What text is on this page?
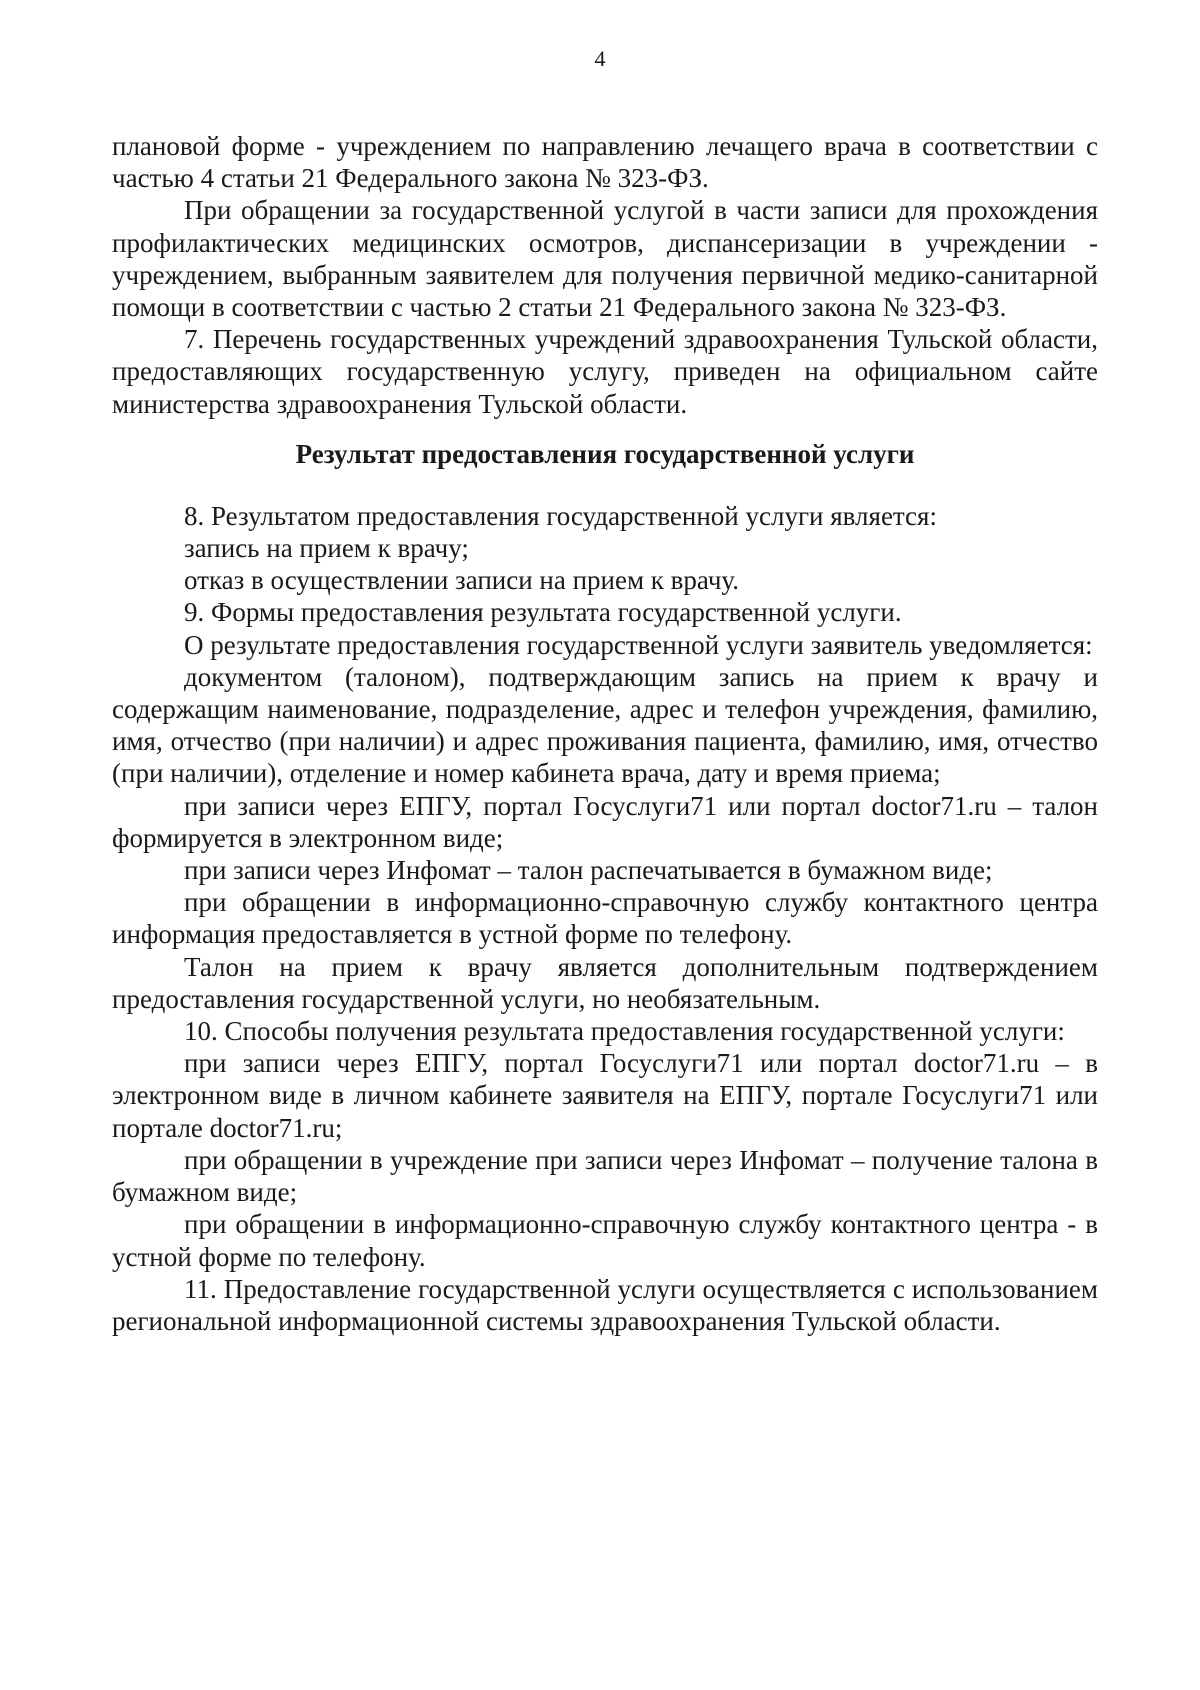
4

плановой форме - учреждением по направлению лечащего врача в соответствии с частью 4 статьи 21 Федерального закона № 323-ФЗ.

При обращении за государственной услугой в части записи для прохождения профилактических медицинских осмотров, диспансеризации в учреждении - учреждением, выбранным заявителем для получения первичной медико-санитарной помощи в соответствии с частью 2 статьи 21 Федерального закона № 323-ФЗ.

7. Перечень государственных учреждений здравоохранения Тульской области, предоставляющих государственную услугу, приведен на официальном сайте министерства здравоохранения Тульской области.

Результат предоставления государственной услуги

8. Результатом предоставления государственной услуги является:

запись на прием к врачу;

отказ в осуществлении записи на прием к врачу.

9. Формы предоставления результата государственной услуги.

О результате предоставления государственной услуги заявитель уведомляется:

документом (талоном), подтверждающим запись на прием к врачу и содержащим наименование, подразделение, адрес и телефон учреждения, фамилию, имя, отчество (при наличии) и адрес проживания пациента, фамилию, имя, отчество (при наличии), отделение и номер кабинета врача, дату и время приема;

при записи через ЕПГУ, портал Госуслуги71 или портал doctor71.ru – талон формируется в электронном виде;

при записи через Инфомат – талон распечатывается в бумажном виде;

при обращении в информационно-справочную службу контактного центра информация предоставляется в устной форме по телефону.

Талон на прием к врачу является дополнительным подтверждением предоставления государственной услуги, но необязательным.

10. Способы получения результата предоставления государственной услуги:

при записи через ЕПГУ, портал Госуслуги71 или портал doctor71.ru – в электронном виде в личном кабинете заявителя на ЕПГУ, портале Госуслуги71 или портале doctor71.ru;

при обращении в учреждение при записи через Инфомат – получение талона в бумажном виде;

при обращении в информационно-справочную службу контактного центра - в устной форме по телефону.

11. Предоставление государственной услуги осуществляется с использованием региональной информационной системы здравоохранения Тульской области.
